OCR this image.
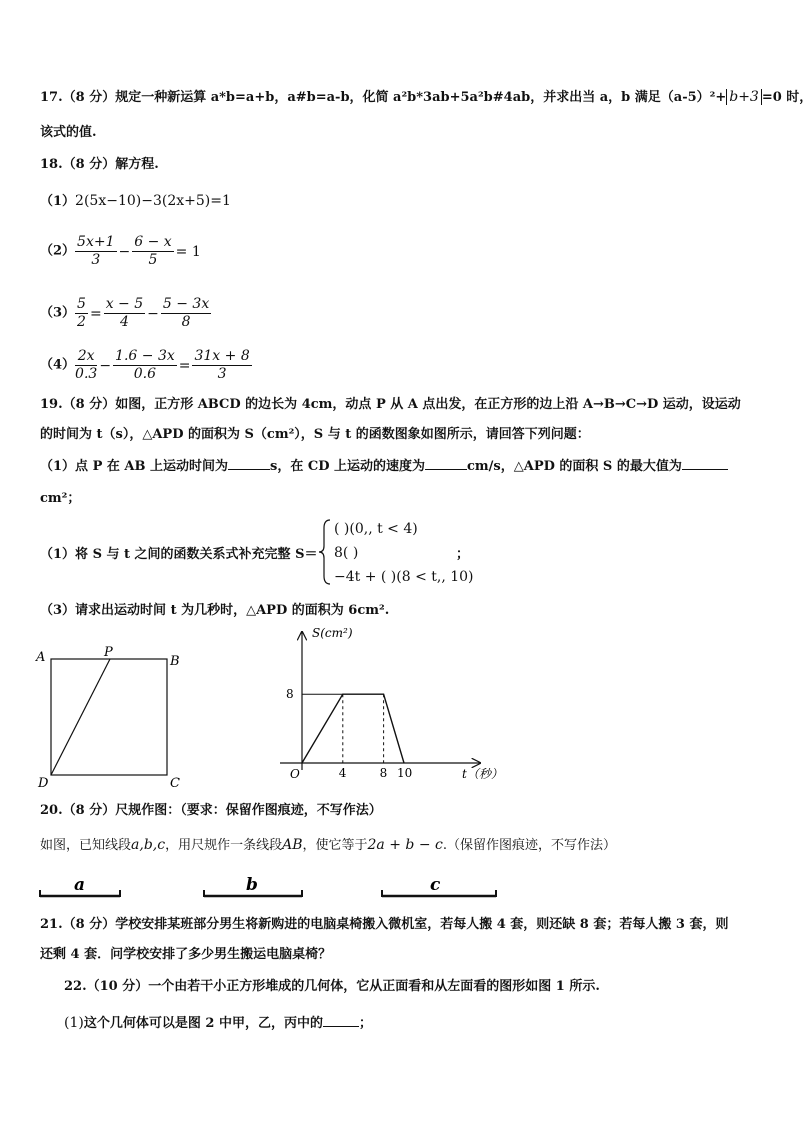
17.（8 分）规定一种新运算 a*b=a+b，a#b=a-b，化简 a²b*3ab+5a²b#4ab，并求出当 a，b 满足（a-5）²+ b+3 =0 时，
该式的值.
18.（8 分）解方程.
（1）2(5x−10)−3(2x+5)=1
$(2) \frac{5x+1}{3} - \frac{6 - x}{5} = 1$
$(3) \frac{5}{2} = \frac{x - 5}{4} - \frac{5 - 3x}{8}$
$(4) \frac{2x}{0.3} - \frac{1.6 - 3x}{0.6} = \frac{31x + 8}{3}$
19.（8 分）如图，正方形 ABCD 的边长为 4cm，动点 P 从 A 点出发，在正方形的边上沿 A→B→C→D 运动，设运动
的时间为 t（s），△APD 的面积为 S（cm²），S 与 t 的函数图象如图所示，请回答下列问题：
（1）点 P 在 AB 上运动时间为	s，在 CD 上运动的速度为	cm/s，△APD 的面积 S 的最大值为
cm²；
（1）将 S 与 t 之间的函数关系式补充完整 S＝
( )(0,, t < 4)
8( )
−4t + ( )(8 < t,, 10)
；
（3）请求出运动时间 t 为几秒时，△APD 的面积为 6cm².
A	P
B
C
D
S(cm²)
t（秒）
O	4	8 10
8
20.（8 分）尺规作图：（要求：保留作图痕迹，不写作法）
如图，已知线段a,b,c，用尺规作一条线段AB，使它等于2a + b − c.（保留作图痕迹，不写作法）
a	b	c
21.（8 分）学校安排某班部分男生将新购进的电脑桌椅搬入微机室，若每人搬 4 套，则还缺 8 套；若每人搬 3 套，则
还剩 4 套．问学校安排了多少男生搬运电脑桌椅？
22.（10 分）一个由若干小正方形堆成的几何体，它从正面看和从左面看的图形如图 1 所示.
(1)这个几何体可以是图 2 中甲，乙，丙中的	；
